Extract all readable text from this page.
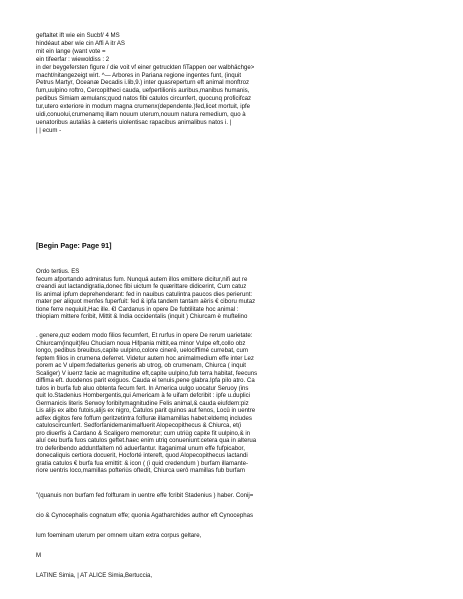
geftaltet ift wie ein Sucbf/ 4 MS
hindéaut aber wie cin Affi A itr AS
mit ein lange (want vote =
ein tifeerfar : wiewoldiss : 2
in der beygefersten figure / die voit vf einer getruckten fiTappen oer walbhächge>
macht/nitangezeigt wirt. ^— Arbores in Pariana regione ingentes funt, (inquit
Petrus Martyr, Oceanæ Decadis i.lib,9.) inter quasreperturn eft animal monftroz
fum,uulpino roftro, Cercopitheci cauda, uefpertilionis auribus,manibus humanis,
pedibus Simiam æmulans;quod natos fibi catulos circunfert, quocunq proficifcaz
tur,utero exteriore in modum magna crumenx(dependente.)fed,licet mortuit, ipfe
uidi,conuolui,crumenamq illam nouum uterum,nouum natura remedium, quo à
uenatoribus autaliàs à cæteris uiolentisac rapacibus animalibus natos i. |
| | ecum -
[Begin Page: Page 91]
Ordo tertius. ES
fecum afportando admiratus fum. Nunquá autem illos emittere dicitur,nifi aut re
creandi aut lactandigratia,donec fibi uictum fe quærittare didicerint, Cum catuz
lis animal ipfum deprehenderant: fed in nauibus catulintra paucos dies perierunt:
mater per aliquot menfes fuperfuit: fed & ipfa tandem tantam aëris € ciboru mutaz
tione ferre nequiuit,Hac ille. €I Cardanus in opere De fubtilitate hoc animal :
thiopiam mittere fcribit, Mittit & India occidentalis (inquit ) Chiurcam è muftelino
. genere,quz eodem modo filios fecumfert, Et rurfus in opere De rerum uarietate:
Chiurcam(inquit)feu Chuciam noua Hifpania mittit,ea minor Vulpe eft,collo obz
longo, pedibus breuibus,capite uulpino,colore cinerê, uelociffimé currebat, cum
feptem filios in crumena deferret. Videtur autem hoc animalmedium effe inter Lez
porem ac V ulpem:fedalterius generis ab utrog, ob crumenam, Chiurca ( inquit
Scaliger) V iuerrz facie ac magnitudine eft,capite uulpino,fub terra habitat, feecuns
diffima eft. duodenos parit exiguos. Cauda ei tenuis,pene glabra.Ipfa pilo atro. Ca
tulos in burfa fub aluo obtenta fecum fert. In America uulgo uocatur Seruoy (ins
quit Io.Stadenius Hombergentis,qui Americam à fe uifam defcribit : ipfe u.duplici
Germanicis literis Serwoy foribitymagnitudine Felis animal,& cauda eiufdem:piz
Lis alijs ex albo futois,alijs ex nigro, Catulos parit quinos aut fenos, Locü in uentre
adfex digitos fere foffum geritzetintra fcifluræ illamamillas habet:eldemq includes
catuloscircunfert. Sedforfanidemanimalfuerit Alopecopithecus & Chiurca, et(i
pro diuerfis à Cardano & Scaligero memoretur; cum utriùg capite fit uulpino,& in
aluí ceu burfa fuos catulos geftet.haec enim utriq conueniunt:cetera qua in alterua
tro deferibendo adduntfaltem nö aduerfantur. Itaganimal unum effe fufpicabor,
donecaliquis certiora docuerit, Hocforté intereft, quod Alopecopithecus lactandi
gratia catulos € burfa fua emittit: & icon ( (i quid credendum ) burfam illamante-
riore uentris loco,mamillas pofteriùs oftedit, Chiurca uerô mamillas fub burfam
"(quanuis non burfam fed folfturam in uentre effe fcribit Stadenius ) haber. Conij=
cio & Cynocephalis cognatum effe; quonia Agatharchides author eft Cynocephas
lum foeminam uterum per omnem uitam extra corpus geltare,
M
LATINE Simia, | AT ALICE Simia,Bertuccia,
